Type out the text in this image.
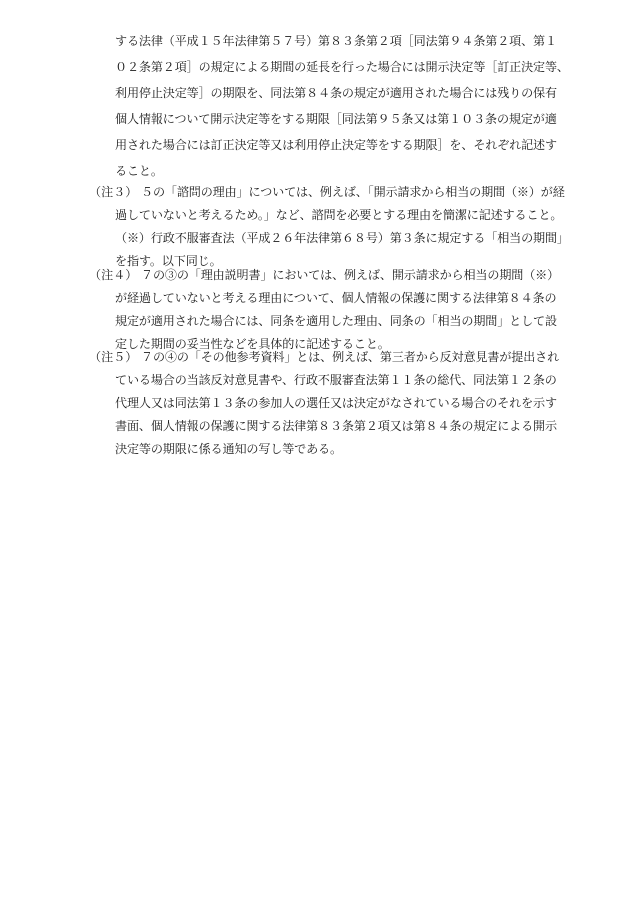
する法律（平成１５年法律第５７号）第８３条第２項［同法第９４条第２項、第１
０２条第２項］の規定による期間の延長を行った場合には開示決定等［訂正決定等、
利用停止決定等］の期限を、同法第８４条の規定が適用された場合には残りの保有
個人情報について開示決定等をする期限［同法第９５条又は第１０３条の規定が適
用された場合には訂正決定等又は利用停止決定等をする期限］を、それぞれ記述す
ること。
（注３） ５の「諮問の理由」については、例えば、「開示請求から相当の期間（※）が経
過していないと考えるため。」など、諮問を必要とする理由を簡潔に記述すること。
（※）行政不服審査法（平成２６年法律第６８号）第３条に規定する「相当の期間」
を指す。以下同じ。
（注４） ７の③の「理由説明書」においては、例えば、開示請求から相当の期間（※）
が経過していないと考える理由について、個人情報の保護に関する法律第８４条の
規定が適用された場合には、同条を適用した理由、同条の「相当の期間」として設
定した期間の妥当性などを具体的に記述すること。
（注５） ７の④の「その他参考資料」とは、例えば、第三者から反対意見書が提出され
ている場合の当該反対意見書や、行政不服審査法第１１条の総代、同法第１２条の
代理人又は同法第１３条の参加人の選任又は決定がなされている場合のそれを示す
書面、個人情報の保護に関する法律第８３条第２項又は第８４条の規定による開示
決定等の期限に係る通知の写し等である。
